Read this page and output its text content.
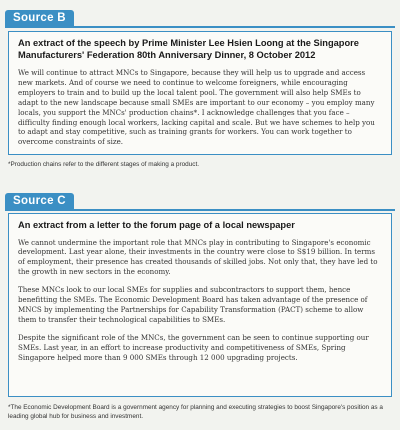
Source B
An extract of the speech by Prime Minister Lee Hsien Loong at the Singapore Manufacturers' Federation 80th Anniversary Dinner, 8 October 2012
We will continue to attract MNCs to Singapore, because they will help us to upgrade and access new markets. And of course we need to continue to welcome foreigners, while encouraging employers to train and to build up the local talent pool. The government will also help SMEs to adapt to the new landscape because small SMEs are important to our economy – you employ many locals, you support the MNCs' production chains*. I acknowledge challenges that you face – difficulty finding enough local workers, lacking capital and scale. But we have schemes to help you to adapt and stay competitive, such as training grants for workers. You can work together to overcome constraints of size.
*Production chains refer to the different stages of making a product.
Source C
An extract from a letter to the forum page of a local newspaper
We cannot undermine the important role that MNCs play in contributing to Singapore's economic development. Last year alone, their investments in the country were close to S$19 billion. In terms of employment, their presence has created thousands of skilled jobs. Not only that, they have led to the growth in new sectors in the economy.
These MNCs look to our local SMEs for supplies and subcontractors to support them, hence benefitting the SMEs. The Economic Development Board has taken advantage of the presence of MNCS by implementing the Partnerships for Capability Transformation (PACT) scheme to allow them to transfer their technological capabilities to SMEs.
Despite the significant role of the MNCs, the government can be seen to continue supporting our SMEs. Last year, in an effort to increase productivity and competitiveness of SMEs, Spring Singapore helped more than 9 000 SMEs through 12 000 upgrading projects.
*The Economic Development Board is a government agency for planning and executing strategies to boost Singapore's position as a leading global hub for business and investment.
